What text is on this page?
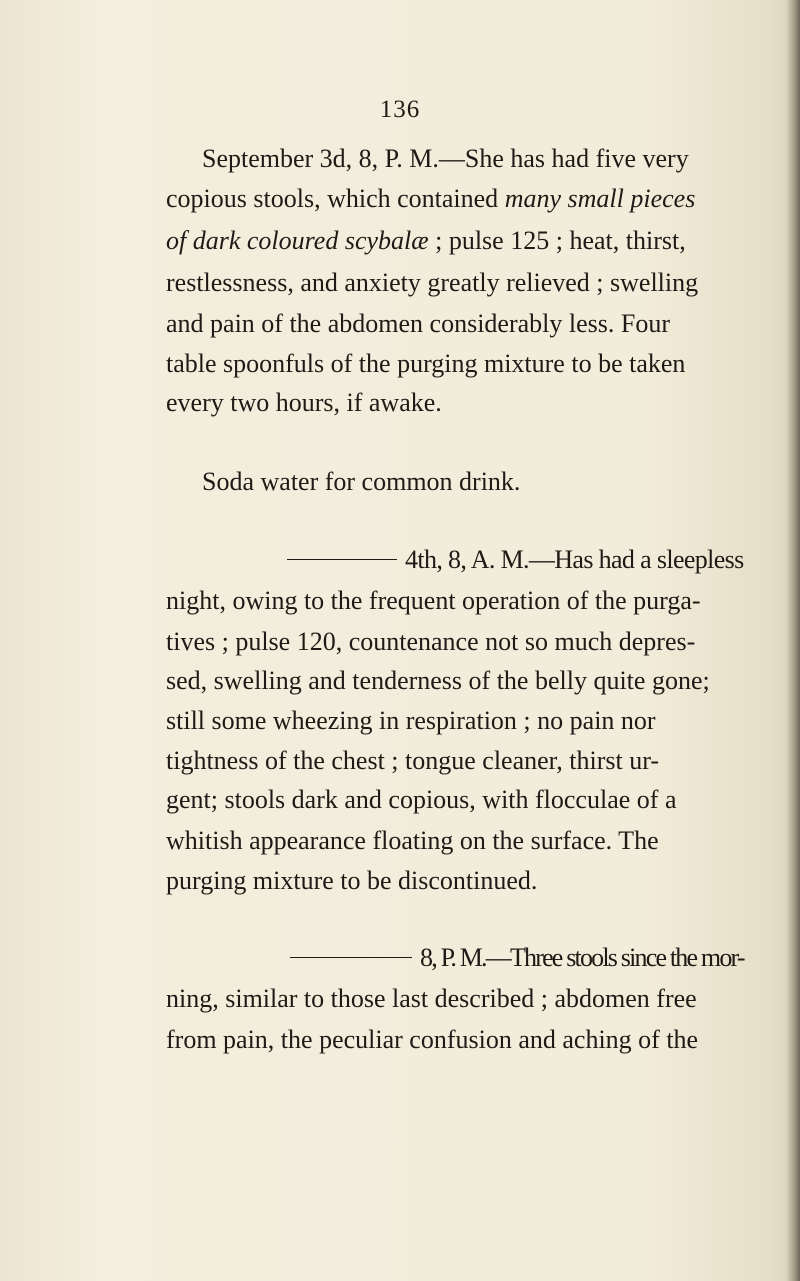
136
September 3d, 8, P. M.—She has had five very
copious stools, which contained many small pieces
of dark coloured scybalæ ; pulse 125 ; heat, thirst,
restlessness, and anxiety greatly relieved ; swelling
and pain of the abdomen considerably less. Four
table spoonfuls of the purging mixture to be taken
every two hours, if awake.
Soda water for common drink.
4th, 8, A. M.—Has had a sleepless
night, owing to the frequent operation of the purga-
tives ; pulse 120, countenance not so much depres-
sed, swelling and tenderness of the belly quite gone;
still some wheezing in respiration ; no pain nor
tightness of the chest ; tongue cleaner, thirst ur-
gent; stools dark and copious, with flocculae of a
whitish appearance floating on the surface. The
purging mixture to be discontinued.
8, P. M.—Three stools since the mor-
ning, similar to those last described ; abdomen free
from pain, the peculiar confusion and aching of the
